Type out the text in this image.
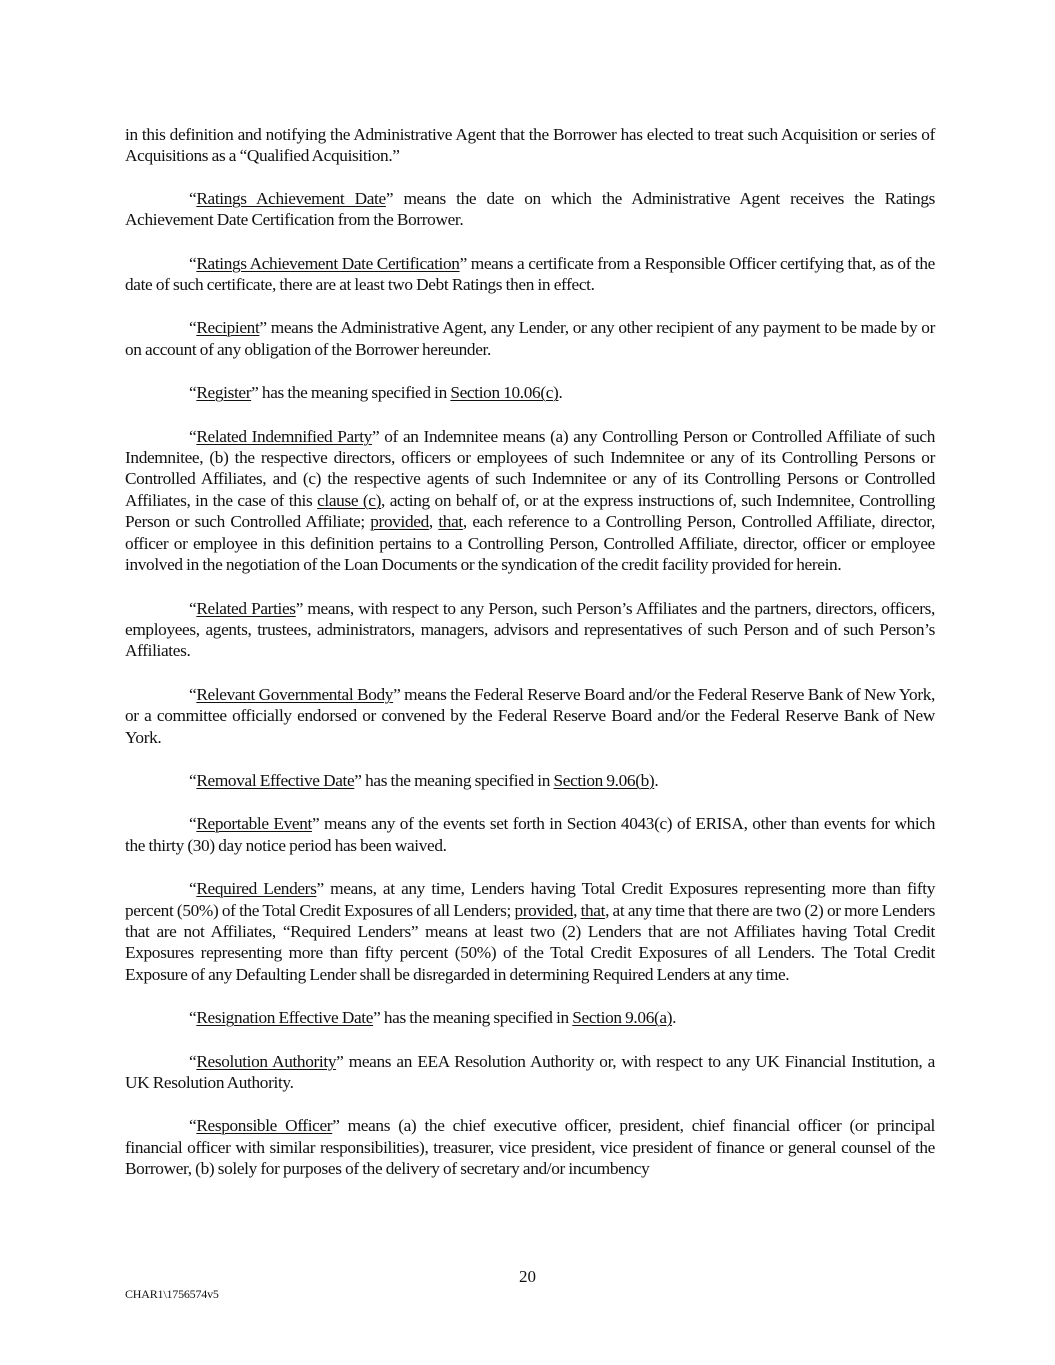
in this definition and notifying the Administrative Agent that the Borrower has elected to treat such Acquisition or series of Acquisitions as a “Qualified Acquisition.”

“Ratings Achievement Date” means the date on which the Administrative Agent receives the Ratings Achievement Date Certification from the Borrower.

“Ratings Achievement Date Certification” means a certificate from a Responsible Officer certifying that, as of the date of such certificate, there are at least two Debt Ratings then in effect.

“Recipient” means the Administrative Agent, any Lender, or any other recipient of any payment to be made by or on account of any obligation of the Borrower hereunder.

“Register” has the meaning specified in Section 10.06(c).

“Related Indemnified Party” of an Indemnitee means (a) any Controlling Person or Controlled Affiliate of such Indemnitee, (b) the respective directors, officers or employees of such Indemnitee or any of its Controlling Persons or Controlled Affiliates, and (c) the respective agents of such Indemnitee or any of its Controlling Persons or Controlled Affiliates, in the case of this clause (c), acting on behalf of, or at the express instructions of, such Indemnitee, Controlling Person or such Controlled Affiliate; provided, that, each reference to a Controlling Person, Controlled Affiliate, director, officer or employee in this definition pertains to a Controlling Person, Controlled Affiliate, director, officer or employee involved in the negotiation of the Loan Documents or the syndication of the credit facility provided for herein.

“Related Parties” means, with respect to any Person, such Person’s Affiliates and the partners, directors, officers, employees, agents, trustees, administrators, managers, advisors and representatives of such Person and of such Person’s Affiliates.

“Relevant Governmental Body” means the Federal Reserve Board and/or the Federal Reserve Bank of New York, or a committee officially endorsed or convened by the Federal Reserve Board and/or the Federal Reserve Bank of New York.

“Removal Effective Date” has the meaning specified in Section 9.06(b).

“Reportable Event” means any of the events set forth in Section 4043(c) of ERISA, other than events for which the thirty (30) day notice period has been waived.

“Required Lenders” means, at any time, Lenders having Total Credit Exposures representing more than fifty percent (50%) of the Total Credit Exposures of all Lenders; provided, that, at any time that there are two (2) or more Lenders that are not Affiliates, “Required Lenders” means at least two (2) Lenders that are not Affiliates having Total Credit Exposures representing more than fifty percent (50%) of the Total Credit Exposures of all Lenders. The Total Credit Exposure of any Defaulting Lender shall be disregarded in determining Required Lenders at any time.

“Resignation Effective Date” has the meaning specified in Section 9.06(a).

“Resolution Authority” means an EEA Resolution Authority or, with respect to any UK Financial Institution, a UK Resolution Authority.

“Responsible Officer” means (a) the chief executive officer, president, chief financial officer (or principal financial officer with similar responsibilities), treasurer, vice president, vice president of finance or general counsel of the Borrower, (b) solely for purposes of the delivery of secretary and/or incumbency

20
CHAR1\1756574v5
